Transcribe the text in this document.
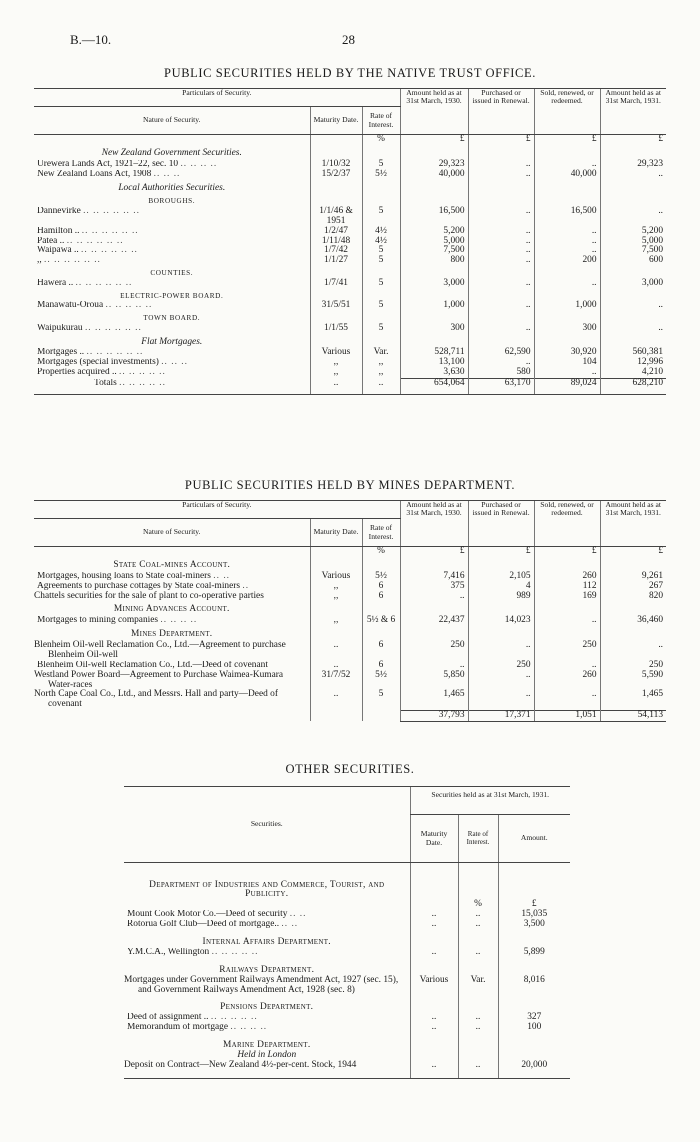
B.—10.	28
PUBLIC SECURITIES HELD BY THE NATIVE TRUST OFFICE.
Particulars of Security.			Amount held as at 31st March, 1930.	Purchased or issued in Renewal.	Sold, renewed, or redeemed.	Amount held as at 31st March, 1931.
Nature of Security.	Maturity Date.	Rate of Interest.				
		%	£	£	£	£
New Zealand Government Securities.						
Urewera Lands Act, 1921–22, sec. 10 .. .. .. ..	1/10/32	5	29,323	..	..	29,323
New Zealand Loans Act, 1908 .. .. ..	15/2/37	5½	40,000	..	40,000	..
Local Authorities Securities.						
BOROUGHS.						
Dannevirke .. .. .. .. .. ..	1/1/46 & 1951	5	16,500	..	16,500	..
Hamilton .. .. .. .. .. .. ..	1/2/47	4½	5,200	..	..	5,200
Patea .. .. .. .. .. .. ..	1/11/48	4½	5,000	..	..	5,000
Waipawa .. .. .. .. .. .. ..	1/7/42	5	7,500	..	..	7,500
,, .. .. .. .. .. ..	1/1/27	5	800	..	200	600
COUNTIES.						
Hawera .. .. .. .. .. .. ..	1/7/41	5	3,000	..	..	3,000
ELECTRIC-POWER BOARD.						
Manawatu-Oroua .. .. .. .. ..	31/5/51	5	1,000	..	1,000	..
TOWN BOARD.						
Waipukurau .. .. .. .. .. ..	1/1/55	5	300	..	300	..
Flat Mortgages.						
Mortgages .. .. .. .. .. .. ..	Various	Var.	528,711	62,590	30,920	560,381
Mortgages (special investments) .. .. ..	,,	,,	13,100	..	104	12,996
Properties acquired .. .. .. .. .. ..	,,	,,	3,630	580	..	4,210
Totals .. .. .. .. ..	..	..	654,064	63,170	89,024	628,210

PUBLIC SECURITIES HELD BY MINES DEPARTMENT.
Particulars of Security.			Amount held as at 31st March, 1930.	Purchased or issued in Renewal.	Sold, renewed, or redeemed.	Amount held as at 31st March, 1931.
Nature of Security.	Maturity Date.	Rate of Interest.				
		%	£	£	£	£
State Coal-mines Account.						
Mortgages, housing loans to State coal-miners .. ..	Various	5½	7,416	2,105	260	9,261
Agreements to purchase cottages by State coal-miners ..	,,	6	375	4	112	267
Chattels securities for the sale of plant to co-operative parties	,,	6	..	989	169	820
Mining Advances Account.						
Mortgages to mining companies .. .. .. ..	,,	5½ & 6	22,437	14,023	..	36,460
Mines Department.						
Blenheim Oil-well Reclamation Co., Ltd.—Agreement to purchase Blenheim Oil-well	..	6	250	..	250	..
Blenheim Oil-well Reclamation Co., Ltd.—Deed of covenant	..	6	..	250	..	250
Westland Power Board—Agreement to Purchase Waimea-Kumara Water-races	31/7/52	5½	5,850	..	260	5,590
North Cape Coal Co., Ltd., and Messrs. Hall and party—Deed of covenant	..	5	1,465	..	..	1,465
			37,793	17,371	1,051	54,113
OTHER SECURITIES.
Securities.	Securities held as at 31st March, 1931.		
	Maturity Date.	Rate of Interest.	Amount.

Department of Industries and Commerce, Tourist, and Publicity.			
		%	£
Mount Cook Motor Co.—Deed of security .. ..	..	..	15,035
Rotorua Golf Club—Deed of mortgage.. .. ..	..	..	3,500
Internal Affairs Department.			
Y.M.C.A., Wellington .. .. .. .. ..	..	..	5,899
Railways Department.			
Mortgages under Government Railways Amendment Act, 1927 (sec. 15), and Government Railways Amendment Act, 1928 (sec. 8)	Various	Var.	8,016
Pensions Department.			
Deed of assignment .. .. .. .. .. ..	..	..	327
Memorandum of mortgage .. .. .. ..	..	..	100
Marine Department.			
Held in London			
Deposit on Contract—New Zealand 4½-per-cent. Stock, 1944	..	..	20,000
